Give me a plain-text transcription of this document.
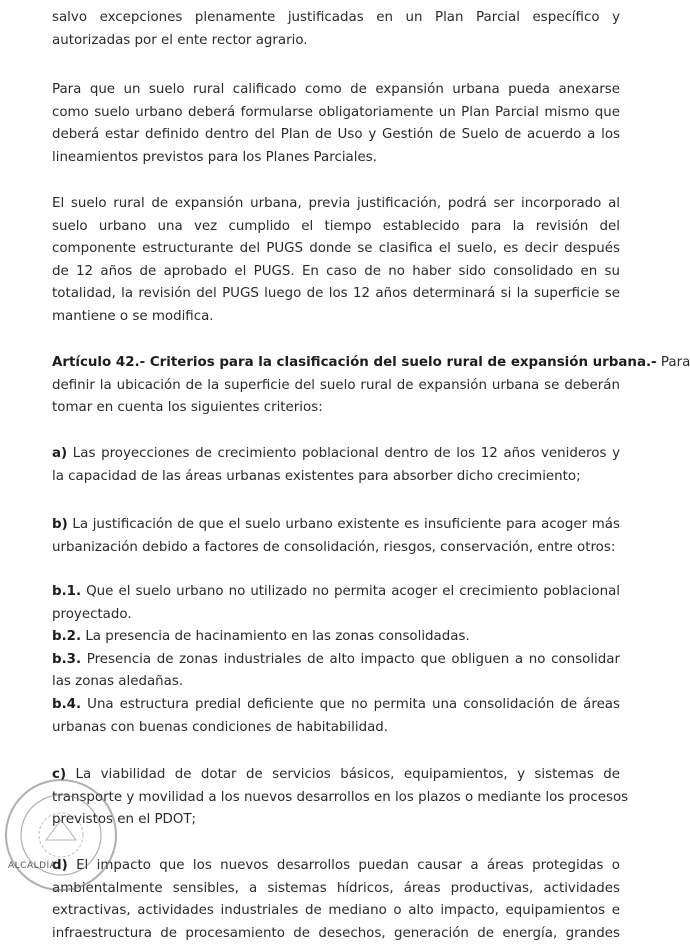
salvo excepciones plenamente justificadas en un Plan Parcial específico y
autorizadas por el ente rector agrario.
Para que un suelo rural calificado como de expansión urbana pueda anexarse
como suelo urbano deberá formularse obligatoriamente un Plan Parcial mismo que
deberá estar definido dentro del Plan de Uso y Gestión de Suelo de acuerdo a los
lineamientos previstos para los Planes Parciales.
El suelo rural de expansión urbana, previa justificación, podrá ser incorporado al
suelo urbano una vez cumplido el tiempo establecido para la revisión del
componente estructurante del PUGS donde se clasifica el suelo, es decir después
de 12 años de aprobado el PUGS. En caso de no haber sido consolidado en su
totalidad, la revisión del PUGS luego de los 12 años determinará si la superficie se
mantiene o se modifica.
Artículo 42.- Criterios para la clasificación del suelo rural de expansión urbana.- Para
definir la ubicación de la superficie del suelo rural de expansión urbana se deberán
tomar en cuenta los siguientes criterios:
a) Las proyecciones de crecimiento poblacional dentro de los 12 años venideros y
la capacidad de las áreas urbanas existentes para absorber dicho crecimiento;
b) La justificación de que el suelo urbano existente es insuficiente para acoger más
urbanización debido a factores de consolidación, riesgos, conservación, entre otros:
b.1. Que el suelo urbano no utilizado no permita acoger el crecimiento poblacional
proyectado.
b.2. La presencia de hacinamiento en las zonas consolidadas.
b.3. Presencia de zonas industriales de alto impacto que obliguen a no consolidar
las zonas aledañas.
b.4. Una estructura predial deficiente que no permita una consolidación de áreas
urbanas con buenas condiciones de habitabilidad.
c) La viabilidad de dotar de servicios básicos, equipamientos, y sistemas de
transporte y movilidad a los nuevos desarrollos en los plazos o mediante los procesos
previstos en el PDOT;
d) El impacto que los nuevos desarrollos puedan causar a áreas protegidas o
ambientalmente sensibles, a sistemas hídricos, áreas productivas, actividades
extractivas, actividades industriales de mediano o alto impacto, equipamientos e
infraestructura de procesamiento de desechos, generación de energía, grandes
ALCALDÍA
